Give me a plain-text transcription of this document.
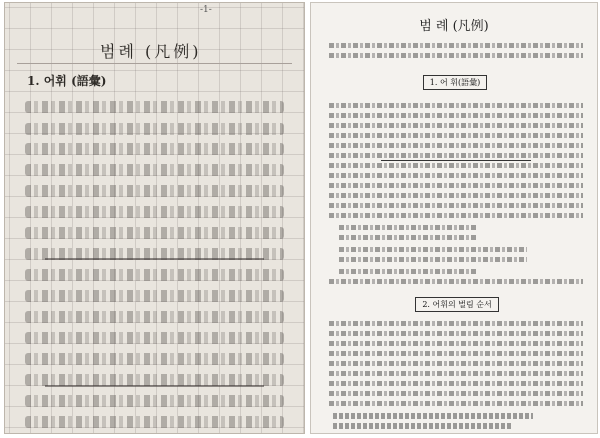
-1-
범례 (凡例)
1. 어휘 (語彙)
범 례 (凡例)
1. 어 휘(語彙)
2. 어휘의 벌림 순서
